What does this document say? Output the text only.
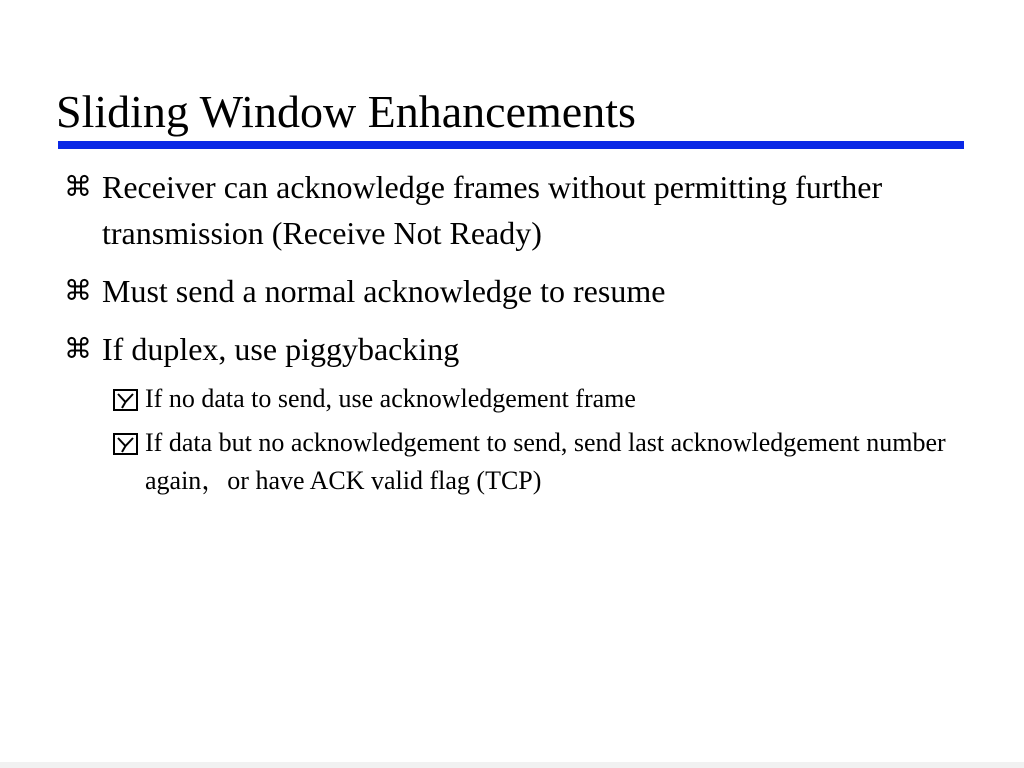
Sliding Window Enhancements
⌘ Receiver can acknowledge frames without permitting further transmission (Receive Not Ready)
⌘ Must send a normal acknowledge to resume
⌘ If duplex, use piggybacking
If no data to send, use acknowledgement frame
If data but no acknowledgement to send, send last acknowledgement number again，or have ACK valid flag (TCP)
